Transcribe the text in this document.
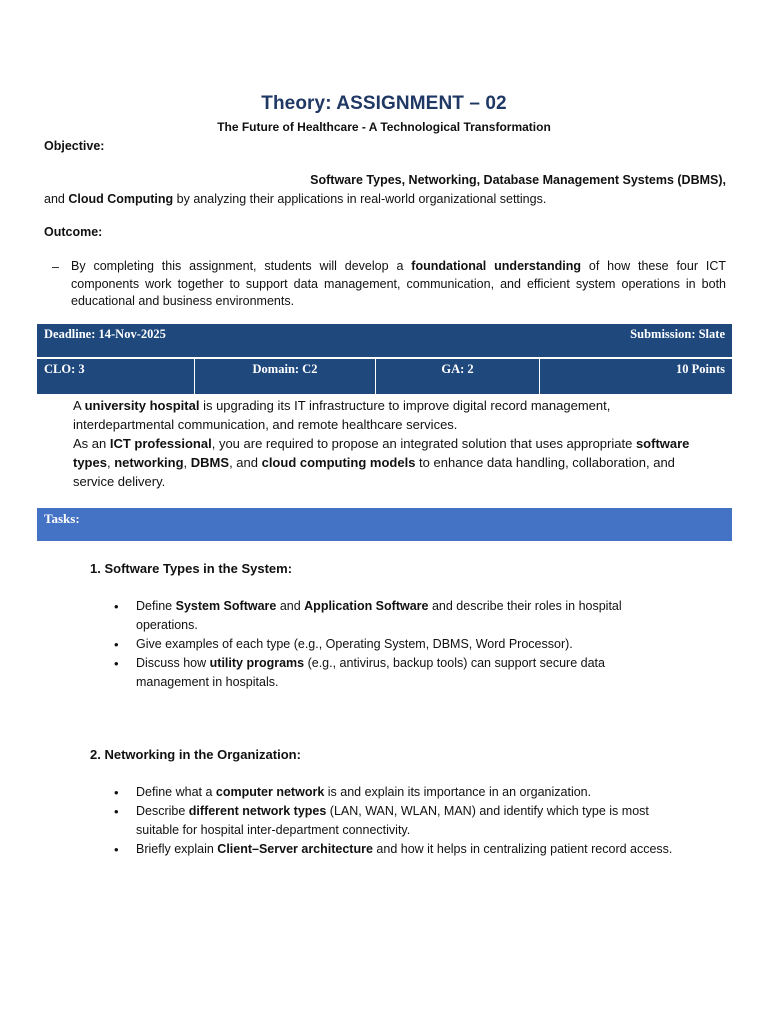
Theory: ASSIGNMENT – 02
The Future of Healthcare - A Technological Transformation
Objective:
Software Types, Networking, Database Management Systems (DBMS),
and Cloud Computing by analyzing their applications in real-world organizational settings.
Outcome:
– By completing this assignment, students will develop a foundational understanding of how these four ICT components work together to support data management, communication, and efficient system operations in both educational and business environments.
Deadline: 14-Nov-2025	Submission: Slate
CLO: 3	Domain: C2	GA: 2	10 Points
A university hospital is upgrading its IT infrastructure to improve digital record management, interdepartmental communication, and remote healthcare services.
As an ICT professional, you are required to propose an integrated solution that uses appropriate software types, networking, DBMS, and cloud computing models to enhance data handling, collaboration, and service delivery.
Tasks:
1. Software Types in the System:
• Define System Software and Application Software and describe their roles in hospital operations.
• Give examples of each type (e.g., Operating System, DBMS, Word Processor).
• Discuss how utility programs (e.g., antivirus, backup tools) can support secure data management in hospitals.
2. Networking in the Organization:
• Define what a computer network is and explain its importance in an organization.
• Describe different network types (LAN, WAN, WLAN, MAN) and identify which type is most suitable for hospital inter-department connectivity.
• Briefly explain Client–Server architecture and how it helps in centralizing patient record access.
